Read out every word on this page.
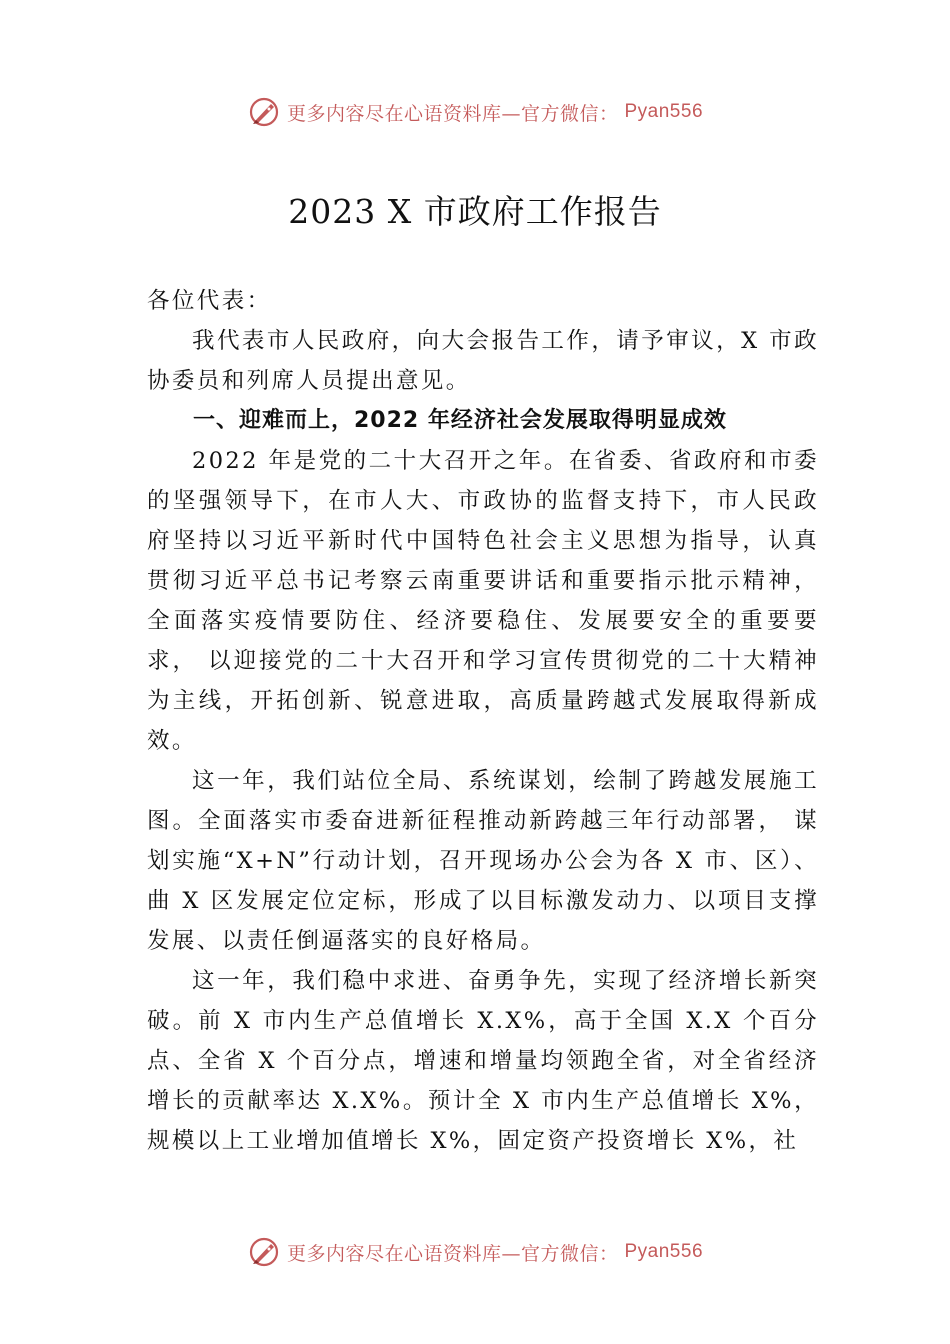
更多内容尽在心语资料库—官方微信： Pyan556
2023 X 市政府工作报告

各位代表：

我代表市人民政府，向大会报告工作，请予审议，X 市政协委员和列席人员提出意见。

一、迎难而上，2022 年经济社会发展取得明显成效

2022 年是党的二十大召开之年。在省委、省政府和市委的坚强领导下，在市人大、市政协的监督支持下，市人民政府坚持以习近平新时代中国特色社会主义思想为指导，认真贯彻习近平总书记考察云南重要讲话和重要指示批示精神， 全面落实疫情要防住、经济要稳住、发展要安全的重要要求， 以迎接党的二十大召开和学习宣传贯彻党的二十大精神为主线，开拓创新、锐意进取，高质量跨越式发展取得新成效。

这一年，我们站位全局、系统谋划，绘制了跨越发展施工图。全面落实市委奋进新征程推动新跨越三年行动部署， 谋划实施“X+N”行动计划，召开现场办公会为各 X 市、区）、曲 X 区发展定位定标，形成了以目标激发动力、以项目支撑发展、以责任倒逼落实的良好格局。

这一年，我们稳中求进、奋勇争先，实现了经济增长新突破。前 X 市内生产总值增长 X.X%，高于全国 X.X 个百分点、全省 X 个百分点，增速和增量均领跑全省，对全省经济增长的贡献率达 X.X%。预计全 X 市内生产总值增长 X%，规模以上工业增加值增长 X%，固定资产投资增长 X%，社

更多内容尽在心语资料库—官方微信： Pyan556
